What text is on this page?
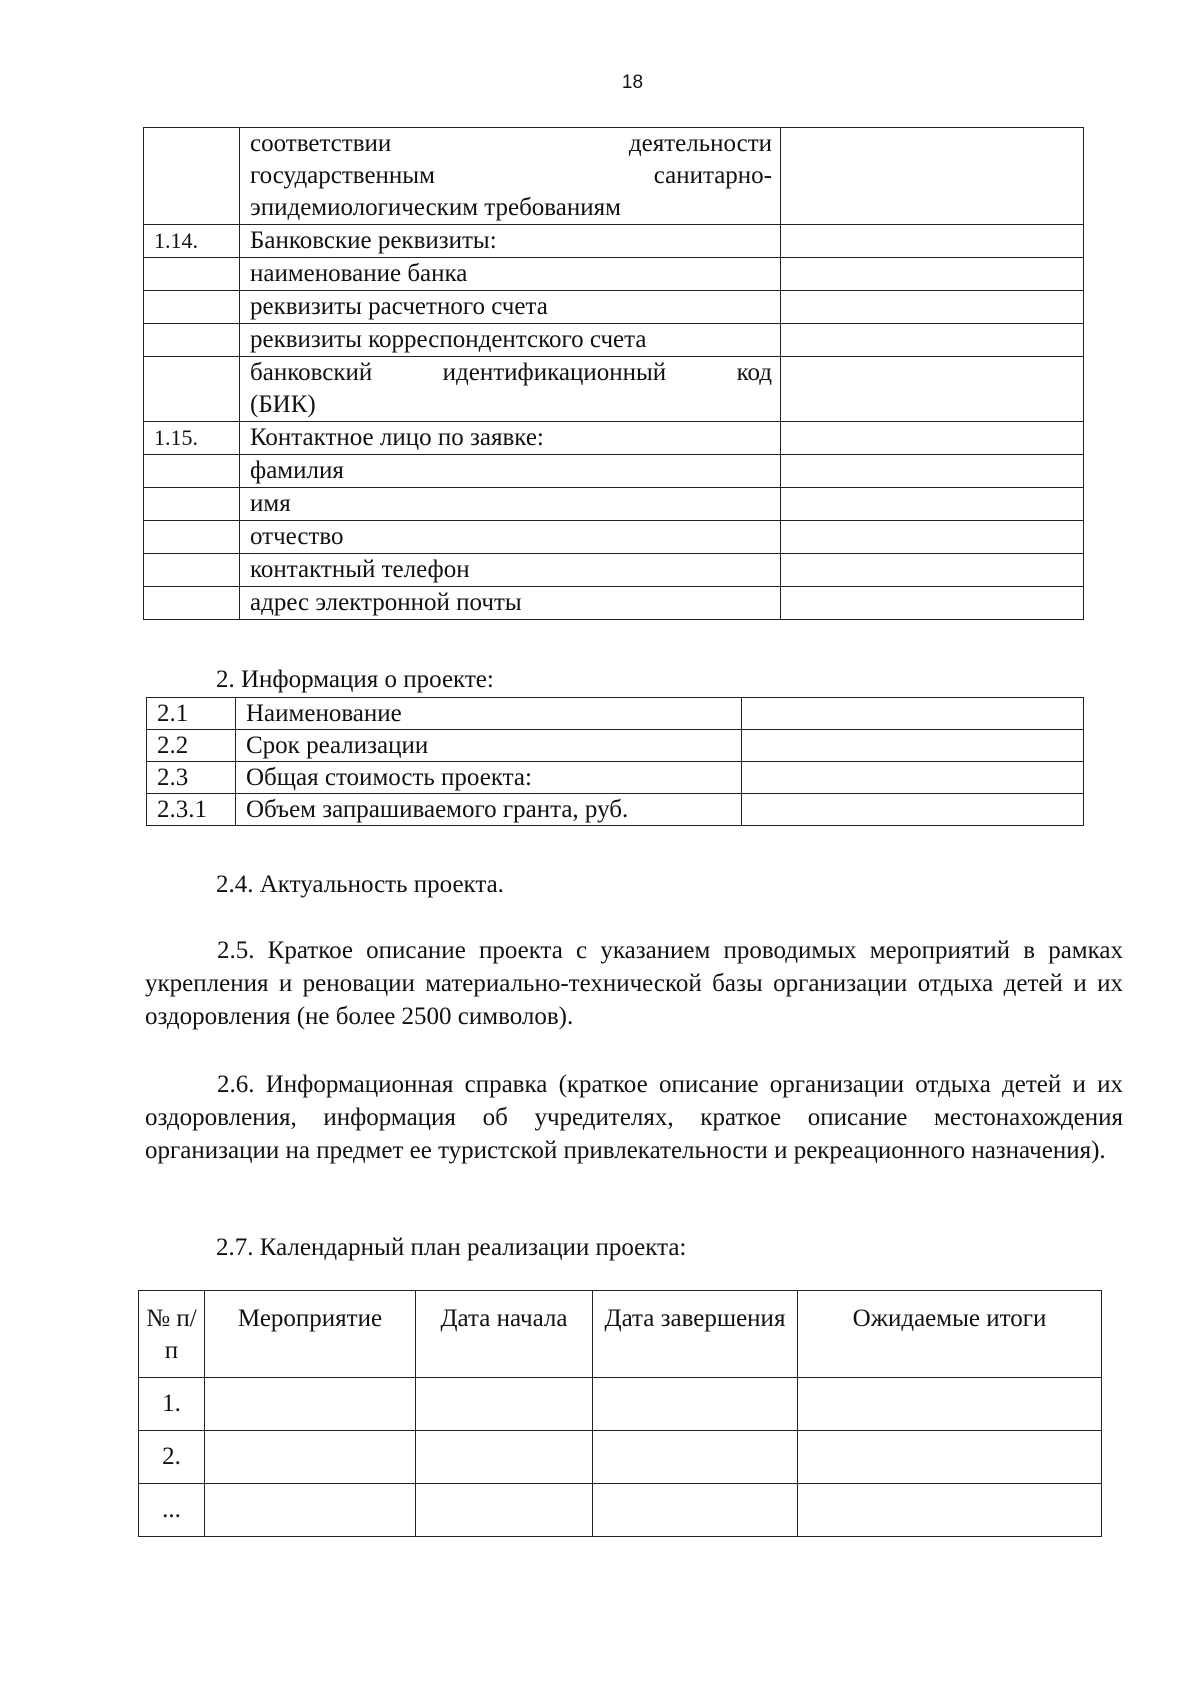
18

	соответствии деятельности
государственным санитарно-
эпидемиологическим требованиям	

1.14.	Банковские реквизиты:	

	наименование банка	

	реквизиты расчетного счета	

	реквизиты корреспондентского счета	

	банковский идентификационный код
(БИК)	

1.15.	Контактное лицо по заявке:	

	фамилия	

	имя	

	отчество	

	контактный телефон	

	адрес электронной почты	

2. Информация о проекте:
2.1	Наименование	
2.2	Срок реализации	
2.3	Общая стоимость проекта:	
2.3.1	Объем запрашиваемого гранта, руб.	
2.4. Актуальность проекта.

2.5. Краткое описание проекта с указанием проводимых мероприятий в рамках укрепления и реновации материально-технической базы организации отдыха детей и их оздоровления (не более 2500 символов).

2.6. Информационная справка (краткое описание организации отдыха детей и их оздоровления, информация об учредителях, краткое описание местонахождения организации на предмет ее туристской привлекательности и рекреационного назначения).

2.7. Календарный план реализации проекта:
№ п/п	Мероприятие	Дата начала	Дата завершения	Ожидаемые итоги
1.				
2.				
...				
